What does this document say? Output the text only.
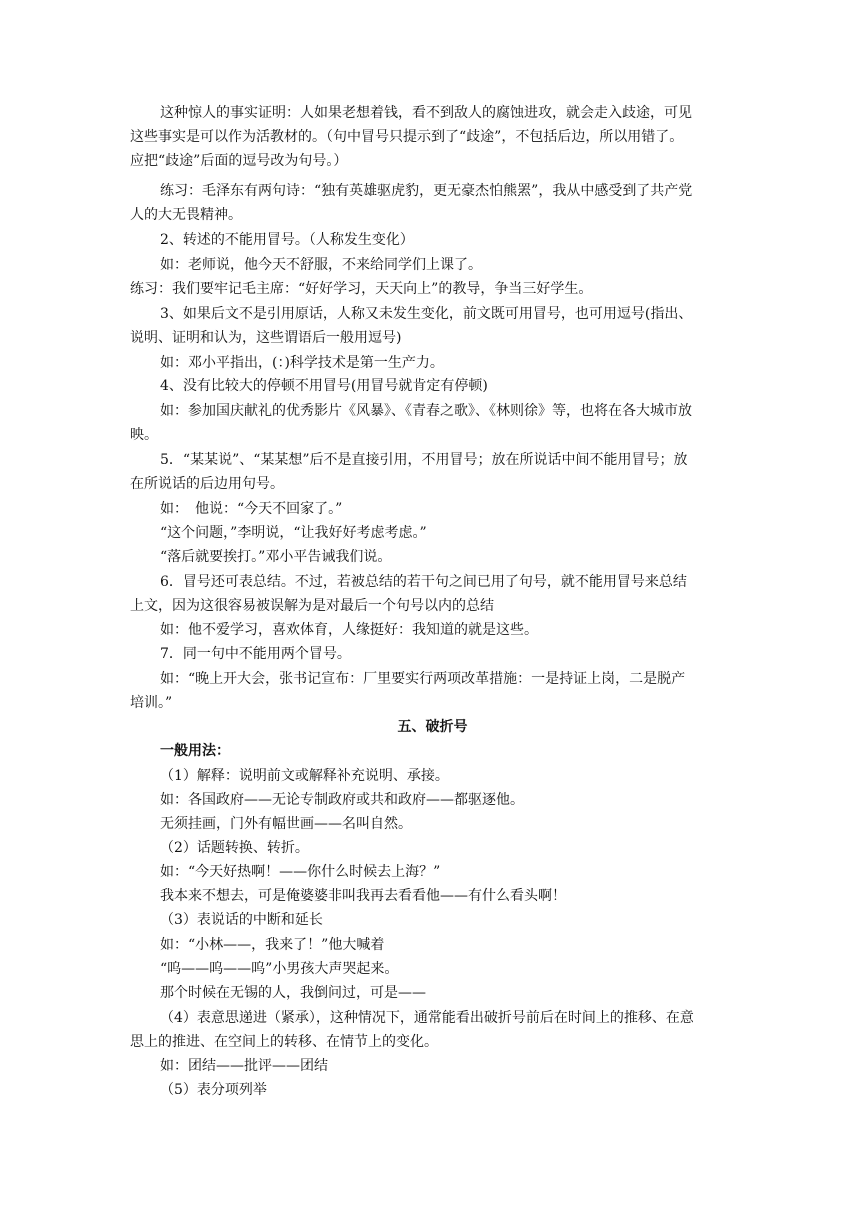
这种惊人的事实证明：人如果老想着钱，看不到敌人的腐蚀进攻，就会走入歧途，可见
这些事实是可以作为活教材的。（句中冒号只提示到了“歧途”，不包括后边，所以用错了。
应把“歧途”后面的逗号改为句号。）
练习：毛泽东有两句诗：“独有英雄驱虎豹，更无豪杰怕熊罴”，我从中感受到了共产党
人的大无畏精神。
2、转述的不能用冒号。（人称发生变化）
如：老师说，他今天不舒服，不来给同学们上课了。
练习：我们要牢记毛主席：“好好学习，天天向上”的教导，争当三好学生。
3、如果后文不是引用原话，人称又未发生变化，前文既可用冒号，也可用逗号(指出、
说明、证明和认为，这些谓语后一般用逗号)
如：邓小平指出，(：)科学技术是第一生产力。
4、没有比较大的停顿不用冒号(用冒号就肯定有停顿)
如：参加国庆献礼的优秀影片《风暴》、《青春之歌》、《林则徐》等，也将在各大城市放
映。
5．“某某说”、“某某想”后不是直接引用，不用冒号；放在所说话中间不能用冒号；放
在所说话的后边用句号。
如：　他说：“今天不回家了。”
“这个问题，”李明说，“让我好好考虑考虑。”
“落后就要挨打。”邓小平告诫我们说。
6．冒号还可表总结。不过，若被总结的若干句之间已用了句号，就不能用冒号来总结
上文，因为这很容易被误解为是对最后一个句号以内的总结
如：他不爱学习，喜欢体育，人缘挺好：我知道的就是这些。
7．同一句中不能用两个冒号。
如：“晚上开大会，张书记宣布：厂里要实行两项改革措施：一是持证上岗，二是脱产
培训。”
五、破折号
一般用法：
（1）解释：说明前文或解释补充说明、承接。
如：各国政府——无论专制政府或共和政府——都驱逐他。
无须挂画，门外有幅世画——名叫自然。
（2）话题转换、转折。
如：“今天好热啊！——你什么时候去上海？”
我本来不想去，可是俺婆婆非叫我再去看看他——有什么看头啊！
（3）表说话的中断和延长
如：“小林——，我来了！”他大喊着
“呜——呜——呜”小男孩大声哭起来。
那个时候在无锡的人，我倒问过，可是——
（4）表意思递进（紧承），这种情况下，通常能看出破折号前后在时间上的推移、在意
思上的推进、在空间上的转移、在情节上的变化。
如：团结——批评——团结
（5）表分项列举
